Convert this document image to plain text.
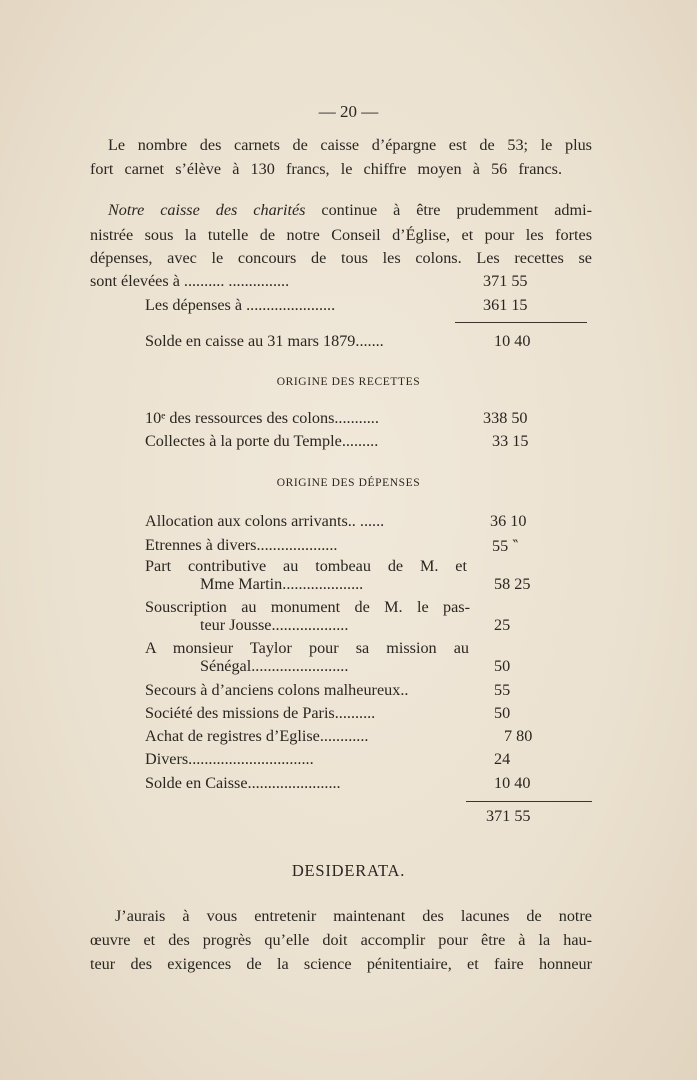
— 20 —
Le nombre des carnets de caisse d’épargne est de 53; le plus
fort carnet s’élève à 130 francs, le chiffre moyen à 56 francs.
Notre caisse des charités continue à être prudemment admi-
nistrée sous la tutelle de notre Conseil d’Église, et pour les fortes
dépenses, avec le concours de tous les colons. Les recettes se
sont élevées à .......... ...............	371 55
Les dépenses à ......................	361 15
Solde en caisse au 31 mars 1879.......	10 40
ORIGINE DES RECETTES
10ᵉ des ressources des colons...........	338 50
Collectes à la porte du Temple.........	33 15
ORIGINE DES DÉPENSES
Allocation aux colons arrivants.. ......	36 10
Etrennes à divers....................	55 ‶
Part contributive au tombeau de M. et
Mme Martin....................	58 25
Souscription au monument de M. le pas-
teur Jousse...................	25
A monsieur Taylor pour sa mission au
Sénégal........................	50
Secours à d’anciens colons malheureux..	55
Société des missions de Paris..........	50
Achat de registres d’Eglise............	7 80
Divers...............................	24
Solde en Caisse.......................	10 40
371 55
DESIDERATA.
J’aurais à vous entretenir maintenant des lacunes de notre
œuvre et des progrès qu’elle doit accomplir pour être à la hau-
teur des exigences de la science pénitentiaire, et faire honneur
